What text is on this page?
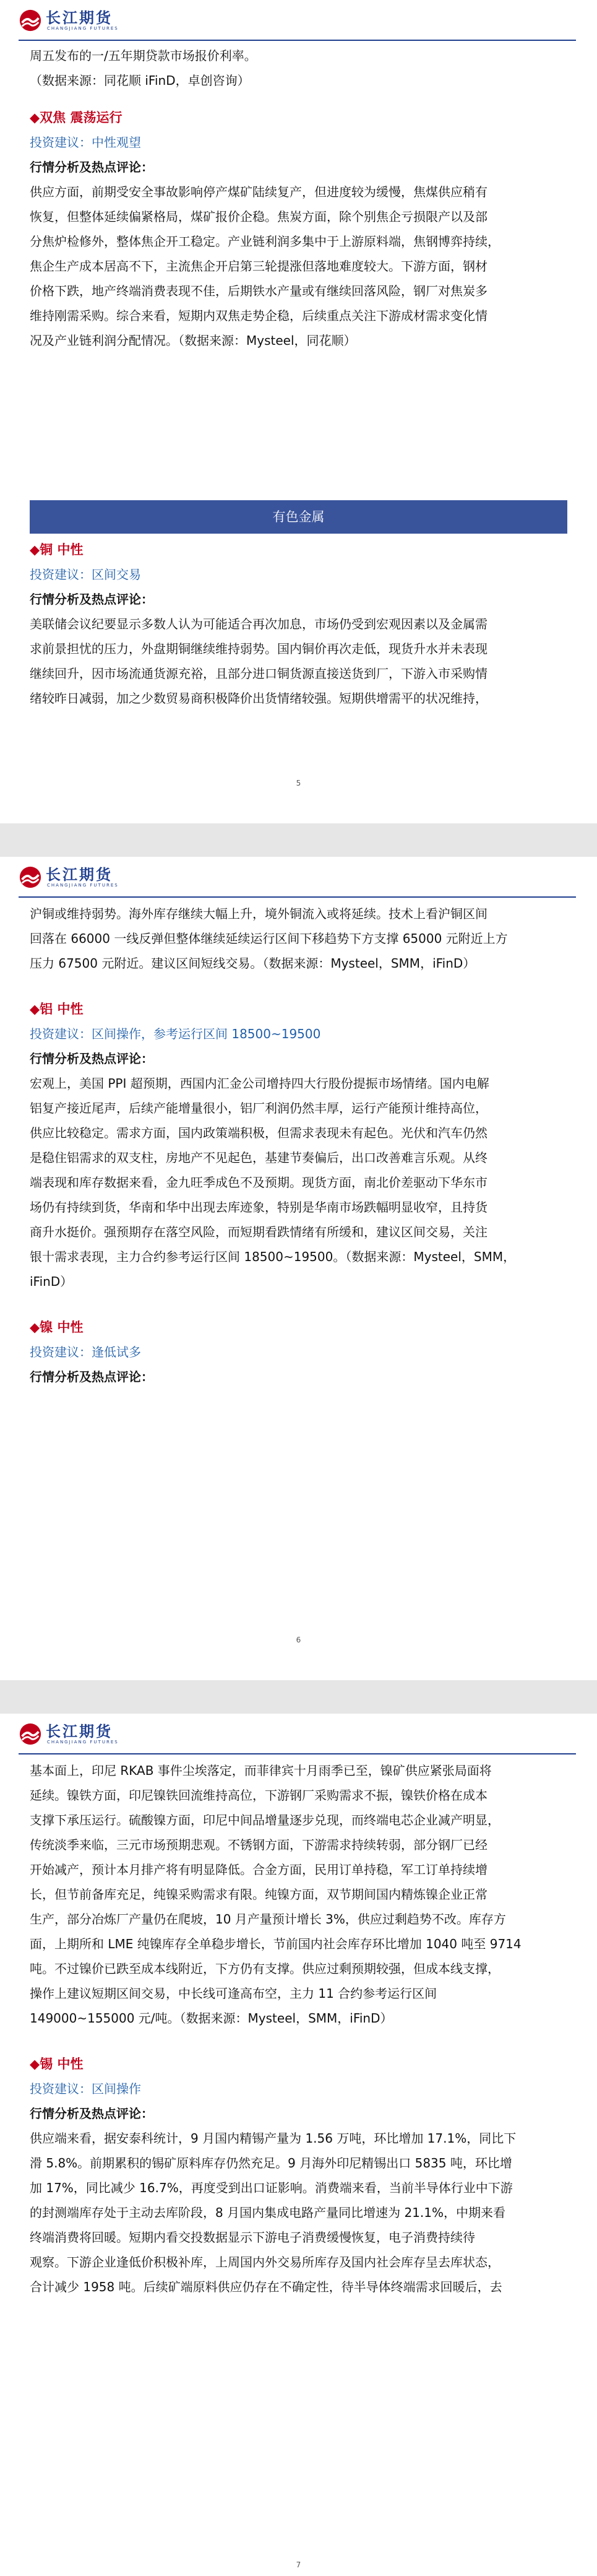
长江期货
CHANGJIANG FUTURES

周五发布的一/五年期贷款市场报价利率。

（数据来源：同花顺 iFinD，卓创咨询）

◆双焦 震荡运行

投资建议：中性观望

行情分析及热点评论：

供应方面，前期受安全事故影响停产煤矿陆续复产，但进度较为缓慢，焦煤供应稍有

恢复，但整体延续偏紧格局，煤矿报价企稳。焦炭方面，除个别焦企亏损限产以及部

分焦炉检修外，整体焦企开工稳定。产业链利润多集中于上游原料端，焦钢博弈持续，

焦企生产成本居高不下，主流焦企开启第三轮提涨但落地难度较大。下游方面，钢材

价格下跌，地产终端消费表现不佳，后期铁水产量或有继续回落风险，钢厂对焦炭多

维持刚需采购。综合来看，短期内双焦走势企稳，后续重点关注下游成材需求变化情

况及产业链利润分配情况。（数据来源：Mysteel，同花顺）

有色金属

◆铜 中性

投资建议：区间交易

行情分析及热点评论：

美联储会议纪要显示多数人认为可能适合再次加息，市场仍受到宏观因素以及金属需

求前景担忧的压力，外盘期铜继续维持弱势。国内铜价再次走低，现货升水并未表现

继续回升，因市场流通货源充裕，且部分进口铜货源直接送货到厂，下游入市采购情

绪较昨日减弱，加之少数贸易商积极降价出货情绪较强。短期供增需平的状况维持，

5
长江期货
CHANGJIANG FUTURES

沪铜或维持弱势。海外库存继续大幅上升，境外铜流入或将延续。技术上看沪铜区间

回落在 66000 一线反弹但整体继续延续运行区间下移趋势下方支撑 65000 元附近上方

压力 67500 元附近。建议区间短线交易。（数据来源：Mysteel，SMM，iFinD）

◆铝 中性

投资建议：区间操作，参考运行区间 18500~19500

行情分析及热点评论：

宏观上，美国 PPI 超预期，西国内汇金公司增持四大行股份提振市场情绪。国内电解

铝复产接近尾声，后续产能增量很小，铝厂利润仍然丰厚，运行产能预计维持高位，

供应比较稳定。需求方面，国内政策端积极，但需求表现未有起色。光伏和汽车仍然

是稳住铝需求的双支柱，房地产不见起色，基建节奏偏后，出口改善难言乐观。从终

端表现和库存数据来看，金九旺季成色不及预期。现货方面，南北价差驱动下华东市

场仍有持续到货，华南和华中出现去库迹象，特别是华南市场跌幅明显收窄，且持货

商升水挺价。强预期存在落空风险，而短期看跌情绪有所缓和，建议区间交易，关注

银十需求表现，主力合约参考运行区间 18500~19500。（数据来源：Mysteel，SMM，

iFinD）

◆镍 中性

投资建议：逢低试多

行情分析及热点评论：

6
长江期货
CHANGJIANG FUTURES

基本面上，印尼 RKAB 事件尘埃落定，而菲律宾十月雨季已至，镍矿供应紧张局面将

延续。镍铁方面，印尼镍铁回流维持高位，下游钢厂采购需求不振，镍铁价格在成本

支撑下承压运行。硫酸镍方面，印尼中间品增量逐步兑现，而终端电芯企业减产明显，

传统淡季来临，三元市场预期悲观。不锈钢方面，下游需求持续转弱，部分钢厂已经

开始减产，预计本月排产将有明显降低。合金方面，民用订单持稳，军工订单持续增

长，但节前备库充足，纯镍采购需求有限。纯镍方面，双节期间国内精炼镍企业正常

生产，部分冶炼厂产量仍在爬坡，10 月产量预计增长 3%，供应过剩趋势不改。库存方

面，上期所和 LME 纯镍库存全单稳步增长，节前国内社会库存环比增加 1040 吨至 9714

吨。不过镍价已跌至成本线附近，下方仍有支撑。供应过剩预期较强，但成本线支撑，

操作上建议短期区间交易，中长线可逢高布空，主力 11 合约参考运行区间

149000~155000 元/吨。（数据来源：Mysteel，SMM，iFinD）

◆锡 中性

投资建议：区间操作

行情分析及热点评论：

供应端来看，据安泰科统计，9 月国内精锡产量为 1.56 万吨，环比增加 17.1%，同比下

滑 5.8%。前期累积的锡矿原料库存仍然充足。9 月海外印尼精锡出口 5835 吨，环比增

加 17%，同比减少 16.7%，再度受到出口证影响。消费端来看，当前半导体行业中下游

的封测端库存处于主动去库阶段，8 月国内集成电路产量同比增速为 21.1%，中期来看

终端消费将回暖。短期内看交投数据显示下游电子消费缓慢恢复，电子消费持续待

观察。下游企业逢低价积极补库，上周国内外交易所库存及国内社会库存呈去库状态，

合计减少 1958 吨。后续矿端原料供应仍存在不确定性，待半导体终端需求回暖后，去

7
